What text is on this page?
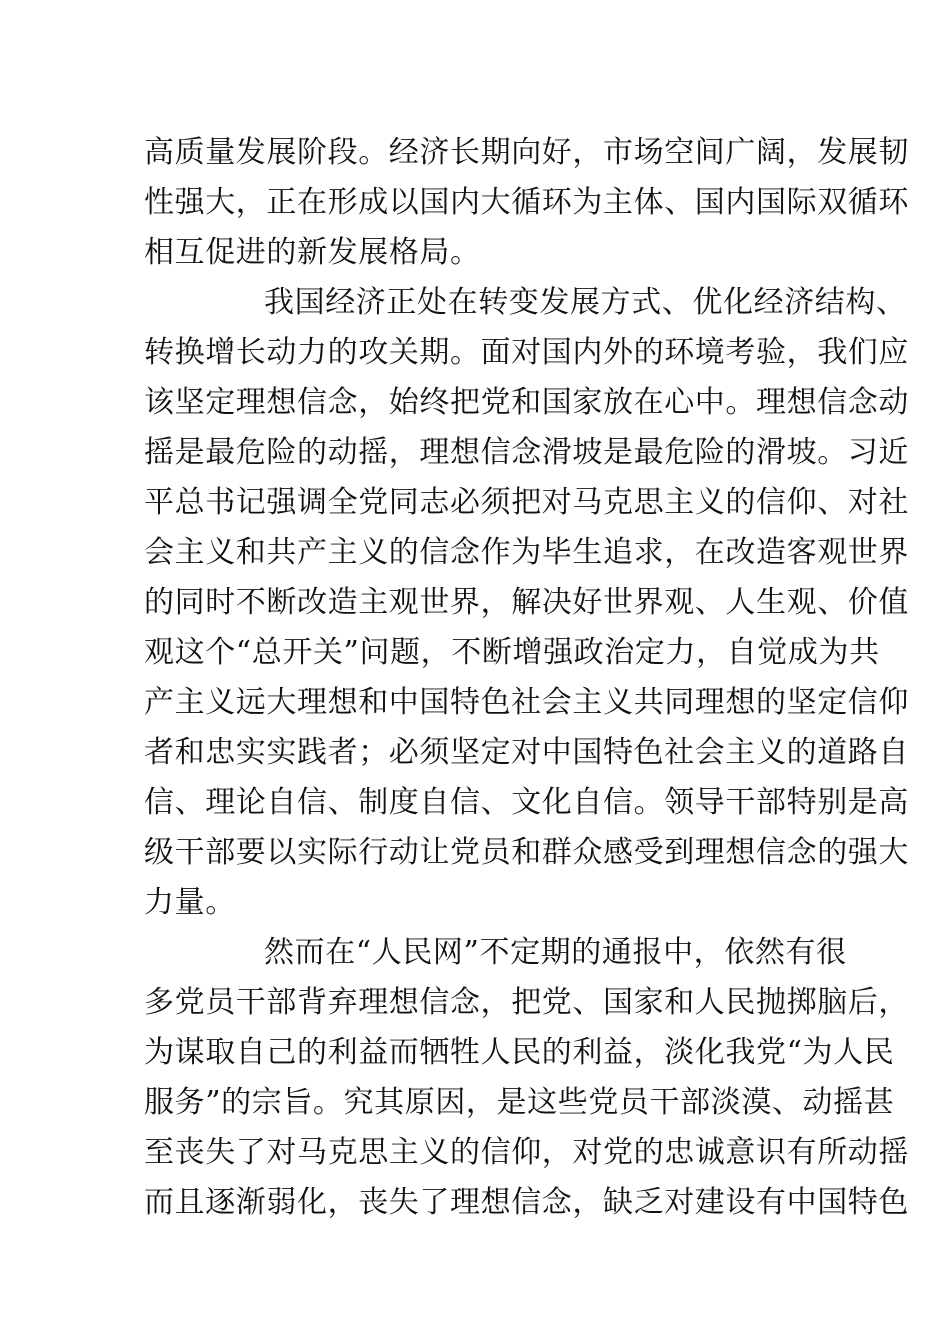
高质量发展阶段。经济长期向好，市场空间广阔，发展韧
性强大，正在形成以国内大循环为主体、国内国际双循环
相互促进的新发展格局。
我国经济正处在转变发展方式、优化经济结构、
转换增长动力的攻关期。面对国内外的环境考验，我们应
该坚定理想信念，始终把党和国家放在心中。理想信念动
摇是最危险的动摇，理想信念滑坡是最危险的滑坡。习近
平总书记强调全党同志必须把对马克思主义的信仰、对社
会主义和共产主义的信念作为毕生追求，在改造客观世界
的同时不断改造主观世界，解决好世界观、人生观、价值
观这个“总开关”问题，不断增强政治定力，自觉成为共
产主义远大理想和中国特色社会主义共同理想的坚定信仰
者和忠实实践者；必须坚定对中国特色社会主义的道路自
信、理论自信、制度自信、文化自信。领导干部特别是高
级干部要以实际行动让党员和群众感受到理想信念的强大
力量。
然而在“人民网”不定期的通报中，依然有很
多党员干部背弃理想信念，把党、国家和人民抛掷脑后，
为谋取自己的利益而牺牲人民的利益，淡化我党“为人民
服务”的宗旨。究其原因，是这些党员干部淡漠、动摇甚
至丧失了对马克思主义的信仰，对党的忠诚意识有所动摇
而且逐渐弱化，丧失了理想信念，缺乏对建设有中国特色
